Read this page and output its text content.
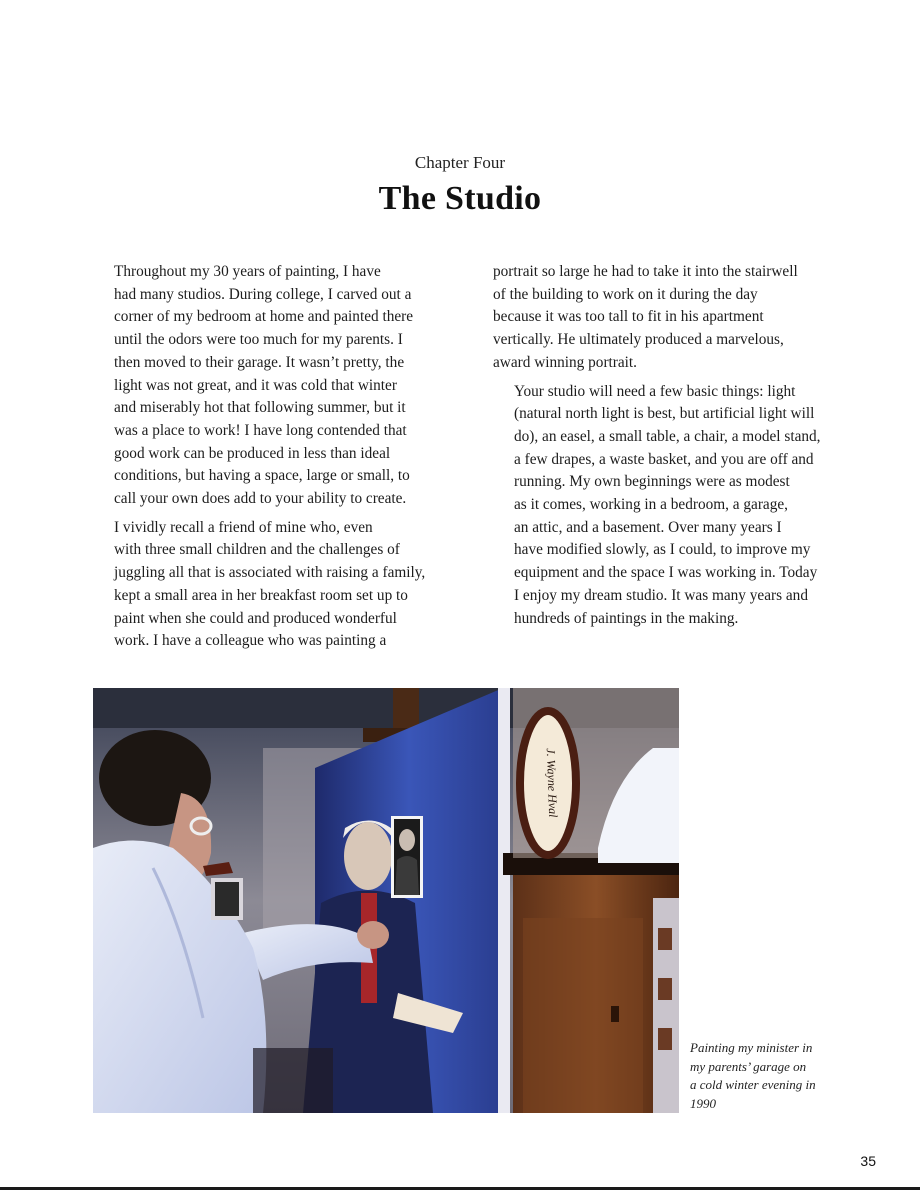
Chapter Four
The Studio

Throughout my 30 years of painting, I have
had many studios. During college, I carved out a
corner of my bedroom at home and painted there
until the odors were too much for my parents. I
then moved to their garage. It wasn’t pretty, the
light was not great, and it was cold that winter
and miserably hot that following summer, but it
was a place to work! I have long contended that
good work can be produced in less than ideal
conditions, but having a space, large or small, to
call your own does add to your ability to create.

I vividly recall a friend of mine who, even
with three small children and the challenges of
juggling all that is associated with raising a family,
kept a small area in her breakfast room set up to
paint when she could and produced wonderful
work. I have a colleague who was painting a

portrait so large he had to take it into the stairwell
of the building to work on it during the day
because it was too tall to fit in his apartment
vertically. He ultimately produced a marvelous,
award winning portrait.

Your studio will need a few basic things: light
(natural north light is best, but artificial light will
do), an easel, a small table, a chair, a model stand,
a few drapes, a waste basket, and you are off and
running. My own beginnings were as modest
as it comes, working in a bedroom, a garage,
an attic, and a basement. Over many years I
have modified slowly, as I could, to improve my
equipment and the space I was working in. Today
I enjoy my dream studio. It was many years and
hundreds of paintings in the making.

J. Wayne Hval
Painting my minister in
my parents’ garage on
a cold winter evening in
1990
35
